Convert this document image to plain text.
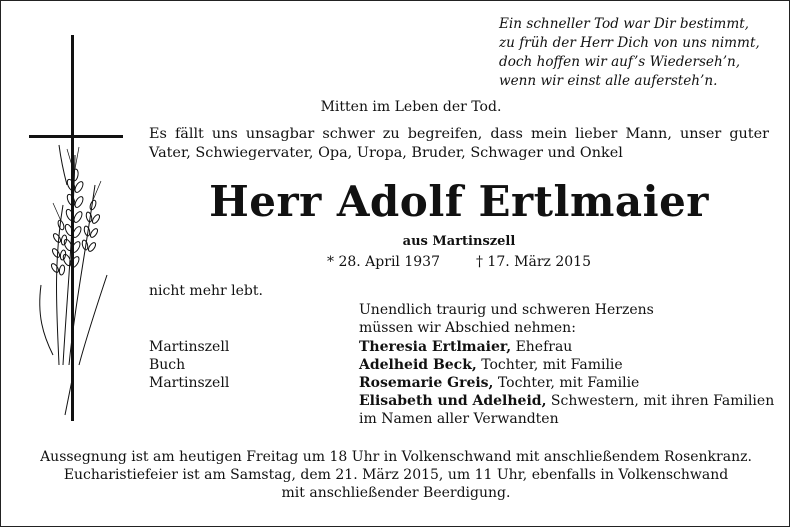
Ein schneller Tod war Dir bestimmt,
zu früh der Herr Dich von uns nimmt,
doch hoffen wir auf’s Wiederseh’n,
wenn wir einst alle aufersteh’n.
Mitten im Leben der Tod.
Es fällt uns unsagbar schwer zu begreifen, dass mein lieber Mann, unser guter Vater, Schwiegervater, Opa, Uropa, Bruder, Schwager und Onkel
Herr Adolf Ertlmaier
aus Martinszell
* 28. April 1937	† 17. März 2015
nicht mehr lebt.
Unendlich traurig und schweren Herzens
müssen wir Abschied nehmen:
Martinszell
Buch
Martinszell
Theresia Ertlmaier, Ehefrau
Adelheid Beck, Tochter, mit Familie
Rosemarie Greis, Tochter, mit Familie
Elisabeth und Adelheid, Schwestern, mit ihren Familien
im Namen aller Verwandten
Aussegnung ist am heutigen Freitag um 18 Uhr in Volkenschwand mit anschließendem Rosenkranz.
Eucharistiefeier ist am Samstag, dem 21. März 2015, um 11 Uhr, ebenfalls in Volkenschwand
mit anschließender Beerdigung.
